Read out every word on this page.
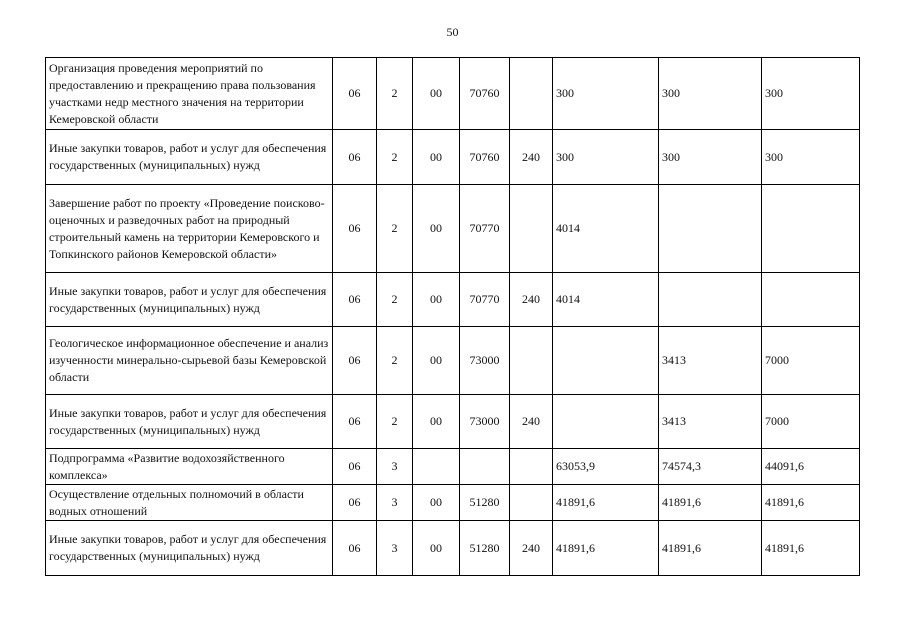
50
Организация проведения мероприятий по предоставлению и прекращению права пользования участками недр местного значения на территории Кемеровской области	06	2	00	70760		300	300	300
Иные закупки товаров, работ и услуг для обеспечения государственных (муниципальных) нужд	06	2	00	70760	240	300	300	300
Завершение работ по проекту «Проведение поисково-оценочных и разведочных работ на природный строительный камень на территории Кемеровского и Топкинского районов Кемеровской области»	06	2	00	70770		4014		
Иные закупки товаров, работ и услуг для обеспечения государственных (муниципальных) нужд	06	2	00	70770	240	4014		
Геологическое информационное обеспечение и анализ изученности минерально-сырьевой базы Кемеровской области	06	2	00	73000			3413	7000
Иные закупки товаров, работ и услуг для обеспечения государственных (муниципальных) нужд	06	2	00	73000	240		3413	7000
Подпрограмма «Развитие водохозяйственного комплекса»	06	3				63053,9	74574,3	44091,6
Осуществление отдельных полномочий в области водных отношений	06	3	00	51280		41891,6	41891,6	41891,6
Иные закупки товаров, работ и услуг для обеспечения государственных (муниципальных) нужд	06	3	00	51280	240	41891,6	41891,6	41891,6
